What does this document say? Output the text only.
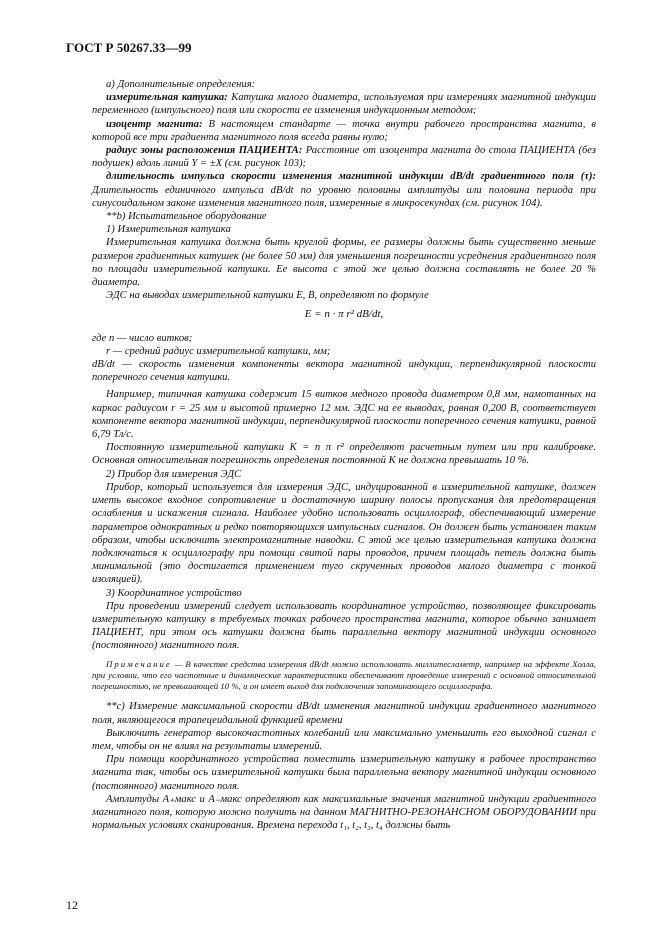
ГОСТ Р 50267.33—99

а) Дополнительные определения:

измерительная катушка: Катушка малого диаметра, используемая при измерениях магнитной индукции переменного (импульсного) поля или скорости ее изменения индукционным методом;

изоцентр магнита: В настоящем стандарте — точка внутри рабочего пространства магнита, в которой все три градиента магнитного поля всегда равны нулю;

радиус зоны расположения ПАЦИЕНТА: Расстояние от изоцентра магнита до стола ПАЦИЕНТА (без подушек) вдоль линий Y = ±X (см. рисунок 103);

длительность импульса скорости изменения магнитной индукции dB/dt градиентного поля (τ): Длительность единичного импульса dB/dt по уровню половины амплитуды или половина периода при синусоидальном законе изменения магнитного поля, измеренные в микросекундах (см. рисунок 104).

**b) Испытательное оборудование

1) Измерительная катушка

Измерительная катушка должна быть круглой формы, ее размеры должны быть существенно меньше размеров градиентных катушек (не более 50 мм) для уменьшения погрешности усреднения градиентного поля по площади измерительной катушки. Ее высота с этой же целью должна составлять не более 20 % диаметра.

ЭДС на выводах измерительной катушки E, В, определяют по формуле

E = n · π r² dB/dt,

где n — число витков;

r — средний радиус измерительной катушки, мм;

dB/dt — скорость изменения компоненты вектора магнитной индукции, перпендикулярной плоскости поперечного сечения катушки.

Например, типичная катушка содержит 15 витков медного провода диаметром 0,8 мм, намотанных на каркас радиусом r = 25 мм и высотой примерно 12 мм. ЭДС на ее выводах, равная 0,200 В, соответствует компоненте вектора магнитной индукции, перпендикулярной плоскости поперечного сечения катушки, равной 6,79 Тл/с.

Постоянную измерительной катушки K = n π r² определяют расчетным путем или при калибровке. Основная относительная погрешность определения постоянной K не должна превышать 10 %.

2) Прибор для измерения ЭДС

Прибор, который используется для измерения ЭДС, индуцированной в измерительной катушке, должен иметь высокое входное сопротивление и достаточную ширину полосы пропускания для предотвращения ослабления и искажения сигнала. Наиболее удобно использовать осциллограф, обеспечивающий измерение параметров однократных и редко повторяющихся импульсных сигналов. Он должен быть установлен таким образом, чтобы исключить электромагнитные наводки. С этой же целью измерительная катушка должна подключаться к осциллографу при помощи свитой пары проводов, причем площадь петель должна быть минимальной (это достигается применением туго скрученных проводов малого диаметра с тонкой изоляцией).

3) Координатное устройство

При проведении измерений следует использовать координатное устройство, позволяющее фиксировать измерительную катушку в требуемых точках рабочего пространства магнита, которое обычно занимает ПАЦИЕНТ, при этом ось катушки должна быть параллельна вектору магнитной индукции основного (постоянного) магнитного поля.

Примечание — В качестве средства измерения dB/dt можно использовать миллитесламетр, например на эффекте Холла, при условии, что его частотные и динамические характеристики обеспечивают проведение измерений с основной относительной погрешностью, не превышающей 10 %, и он имеет выход для подключения запоминающего осциллографа.

**c) Измерение максимальной скорости dB/dt изменения магнитной индукции градиентного магнитного поля, являющегося трапецеидальной функцией времени

Выключить генератор высокочастотных колебаний или максимально уменьшить его выходной сигнал с тем, чтобы он не влиял на результаты измерений.

При помощи координатного устройства поместить измерительную катушку в рабочее пространство магнита так, чтобы ось измерительной катушки была параллельна вектору магнитной индукции основного (постоянного) магнитного поля.

Амплитуды A₊макс и A₋макс определяют как максимальные значения магнитной индукции градиентного магнитного поля, которую можно получить на данном МАГНИТНО-РЕЗОНАНСНОМ ОБОРУДОВАНИИ при нормальных условиях сканирования. Времена перехода t₁, t₂, t₃, t₄ должны быть

12
